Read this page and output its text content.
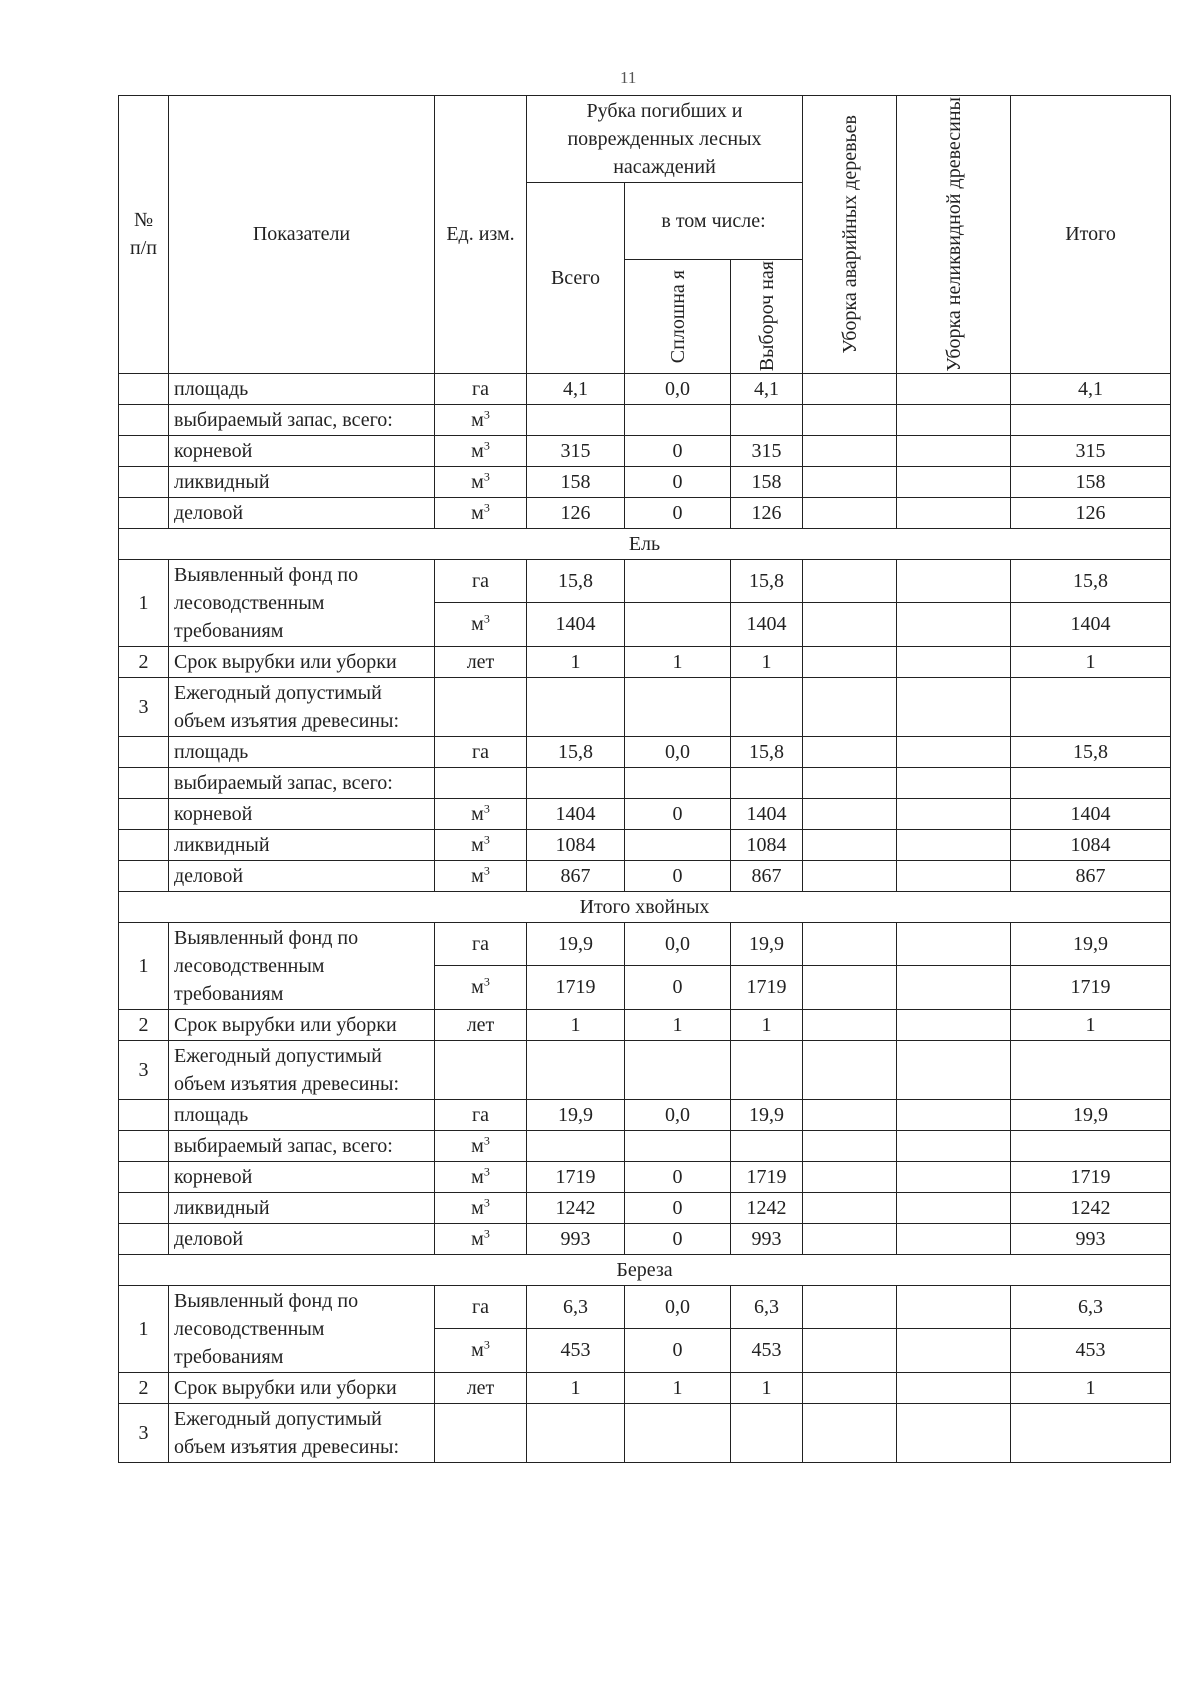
11
№ п/п	Показатели	Ед. изм.	Рубка погибших и поврежденных лесных насаждений			Уборка аварийных деревьев	Уборка неликвидной древесины	Итого
			Всего	в том числе:				

				Сплошна я	Выбороч ная			

	площадь	га	4,1	0,0	4,1			4,1
	выбираемый запас, всего:	$м^3$						
	корневой	$м^3$	315	0	315			315
	ликвидный	$м^3$	158	0	158			158
	деловой	$м^3$	126	0	126			126
Ель								
1	Выявленный фонд по лесоводственным требованиям	га	15,8		15,8			15,8
		$м^3$	1404		1404			1404
2	Срок вырубки или уборки	лет	1	1	1			1
3	Ежегодный допустимый объем изъятия древесины:							
	площадь	га	15,8	0,0	15,8			15,8
	выбираемый запас, всего:							
	корневой	$м^3$	1404	0	1404			1404
	ликвидный	$м^3$	1084		1084			1084
	деловой	$м^3$	867	0	867			867
Итого хвойных								
1	Выявленный фонд по лесоводственным требованиям	га	19,9	0,0	19,9			19,9
		$м^3$	1719	0	1719			1719
2	Срок вырубки или уборки	лет	1	1	1			1
3	Ежегодный допустимый объем изъятия древесины:							
	площадь	га	19,9	0,0	19,9			19,9
	выбираемый запас, всего:	$м^3$						
	корневой	$м^3$	1719	0	1719			1719
	ликвидный	$м^3$	1242	0	1242			1242
	деловой	$м^3$	993	0	993			993
Береза								
1	Выявленный фонд по лесоводственным требованиям	га	6,3	0,0	6,3			6,3
		$м^3$	453	0	453			453
2	Срок вырубки или уборки	лет	1	1	1			1
3	Ежегодный допустимый объем изъятия древесины:							
